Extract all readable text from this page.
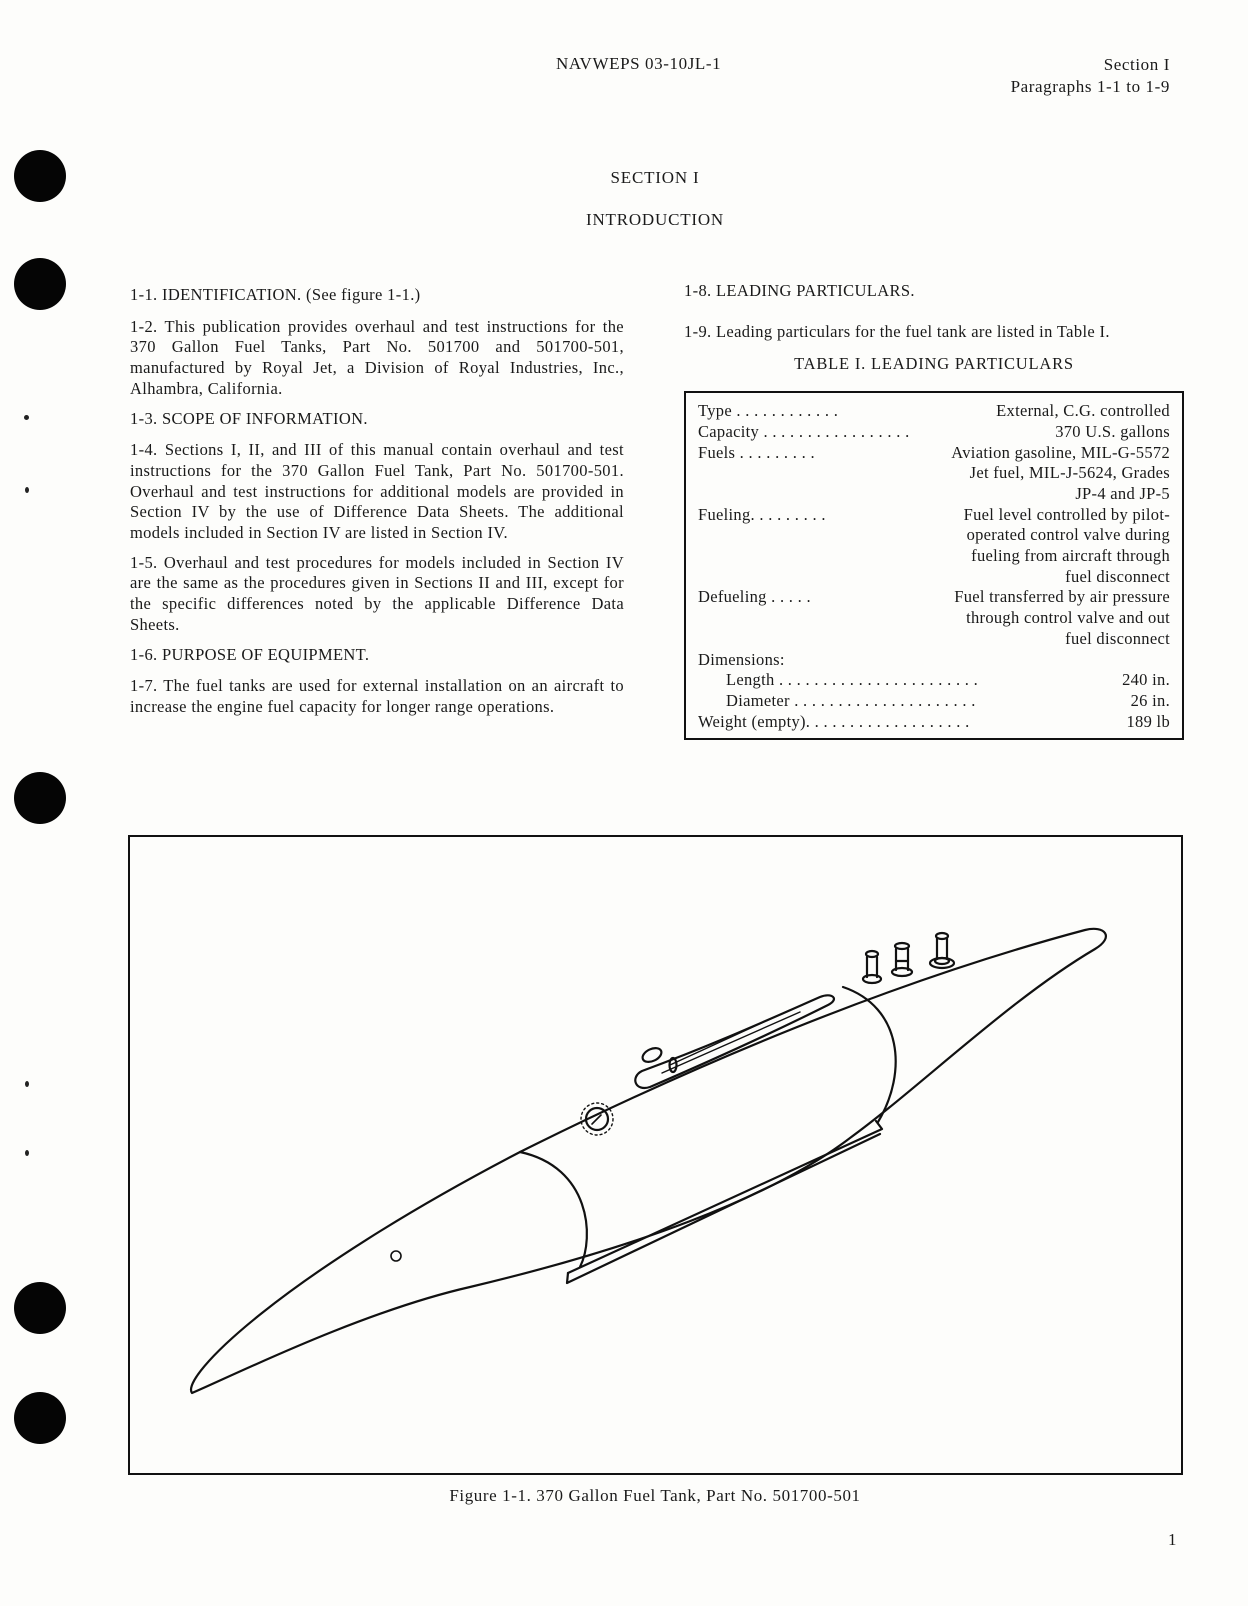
NAVWEPS 03-10JL-1	Section I
Paragraphs 1-1 to 1-9
SECTION I
INTRODUCTION

1-1. IDENTIFICATION. (See figure 1-1.)

1-2. This publication provides overhaul and test instructions for the 370 Gallon Fuel Tanks, Part No. 501700 and 501700-501, manufactured by Royal Jet, a Division of Royal Industries, Inc., Alhambra, California.

1-3. SCOPE OF INFORMATION.

1-4. Sections I, II, and III of this manual contain overhaul and test instructions for the 370 Gallon Fuel Tank, Part No. 501700-501. Overhaul and test instructions for additional models are provided in Section IV by the use of Difference Data Sheets. The additional models included in Section IV are listed in Section IV.

1-5. Overhaul and test procedures for models included in Section IV are the same as the procedures given in Sections II and III, except for the specific differences noted by the applicable Difference Data Sheets.

1-6. PURPOSE OF EQUIPMENT.

1-7. The fuel tanks are used for external installation on an aircraft to increase the engine fuel capacity for longer range operations.

1-8. LEADING PARTICULARS.

1-9. Leading particulars for the fuel tank are listed in Table I.

TABLE I. LEADING PARTICULARS
Type . . . . . . . . . . . .	External, C.G. controlled
Capacity . . . . . . . . . . . . . . . . .	370 U.S. gallons
Fuels . . . . . . . . .	Aviation gasoline, MIL-G-5572
Jet fuel, MIL-J-5624, Grades
JP-4 and JP-5
Fueling. . . . . . . . .	Fuel level controlled by pilot-
operated control valve during
fueling from aircraft through
fuel disconnect
Defueling . . . . .	Fuel transferred by air pressure
through control valve and out
fuel disconnect
Dimensions:
Length . . . . . . . . . . . . . . . . . . . . . . .	240 in.
Diameter . . . . . . . . . . . . . . . . . . . . .	26 in.
Weight (empty). . . . . . . . . . . . . . . . . . .	189 lb
Figure 1-1. 370 Gallon Fuel Tank, Part No. 501700-501
1
